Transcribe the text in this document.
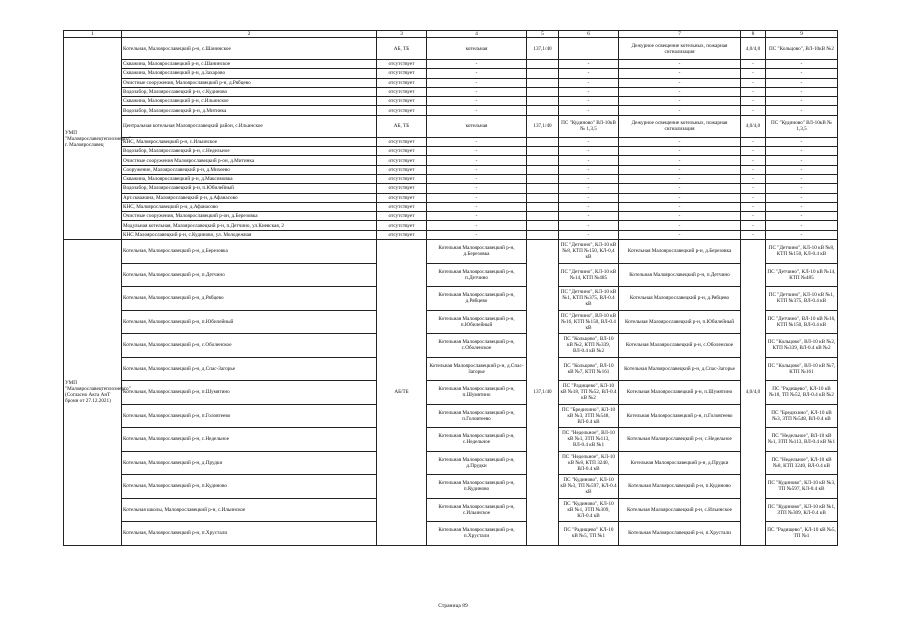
1	2	3	4	5	6	7	8	9
УМП "Малоярославецтеплоэнерго" г. Малоярославец	Котельная, Малоярославецкий р-н, с.Шанинское	АБ, ТБ	котельная	137,1/40		Дежурное освещение котельных, пожарная сигнализация	4,0/4,0	ПС "Кольцово", ВЛ-10кВ №2
	Скважина, Малоярославецкий р-н, с.Шанинское	отсутствует	-		-	-	-	-
	Скважина, Малоярославецкий р-н, д.Захарово	отсутствует	-		-	-	-	-
	Очистные сооружения, Малоярославецкий р-н, д.Рябцево	отсутствует	-		-	-	-	-
	Водозабор, Малоярославецкий р-н, с.Кудиново	отсутствует	-		-	-	-	-
	Скважина, Малоярославецкий р-н, с.Ильинское	отсутствует	-		-	-	-	-
	Водозабор, Малоярославецкий р-н, д.Митинка	отсутствует	-		-	-	-	-
	Центральная котельная Малоярославецкий район, с.Ильинское	АБ, ТБ	котельная	137,1/40	ПС "Кудиново" ВЛ-10кВ № 1,3,5	Дежурное освещение котельных, пожарная сигнализация	4,0/4,0	ПС "Кудиново" ВЛ-10кВ № 1,3,5
	КНС, Малоярославецкий р-н, с.Ильинское	отсутствует	-		-	-	-	-
	Водозабор, Малоярославецкий р-н, с.Недельное	отсутствует	-		-	-	-	-
	Очистные сооружения Малоярославецкий р-он, д.Митинка	отсутствует	-		-	-	-	-
	Сооружение, Малоярославецкий р-н, д.Михеево	отсутствует	-		-	-	-	-
	Скважина, Малоярославецкий р-н, д.Максимовка	отсутствует	-		-	-	-	-
	Водозабор, Малоярославецкий р-н, п.Юбилейный	отсутствует	-		-	-	-	-
	Арт.скважина, Малоярославецкий р-н, д.Афанасово	отсутствует	-		-	-	-	-
	КНС, Малоярославецкий р-н, д.Афанасово	отсутствует	-		-	-	-	-
	Очистные сооружения, Малоярославецкий р-он, д.Березовка	отсутствует	-		-	-	-	-
	Модульная котельная, Малоярославецкий р-н, п.Детчино, ул.Киевская, 2	отсутствует	-		-	-	-	-
	КНС Малоярославецкий р-н, с.Кудиново, ул. Молодежная	отсутствует	-		-	-	-	-
УМП "Малоярославецтеплоэнерго" (Согласно Акта АнТ брони от 27.12.2021)	Котельная, Малоярославецкий р-н, д.Березовка	АБ/ТБ	Котельная Малоярославецкий р-н, д.Березовка	137,1/40	ПС "Детчино", КЛ-10 кВ №8, КТП №150, КЛ-0,4 кВ	Котельная Малоярославецкий р-н, д.Березовка	4,0/4,0	ПС "Детчино", КЛ-10 кВ №8, КТП №150, КЛ-0.4 кВ
	Котельная, Малоярославецкий р-н, п.Детчино		Котельная Малоярославецкий р-н, п.Детчино		ПС "Детчино", КЛ-10 кВ №14, КТП №485	Котельная Малоярославецкий р-н, п.Детчино		ПС "Детчино", КЛ-10 кВ №14, КТП №485
	Котельная, Малоярославецкий р-н, д.Рябцево		Котельная Малоярославецкий р-н, д.Рябцево		ПС "Детчино", КЛ-10 кВ №1, КТП №375, ВЛ-0.4 кВ	Котельная Малоярославецкий р-н, д.Рябцево		ПС "Детчино", КЛ-10 кВ №1, КТП №375, ВЛ-0.4 кВ
	Котельная, Малоярославецкий р-н, п.Юбилейный		Котельная Малоярославецкий р-н, п.Юбилейный		ПС "Детчино", ВЛ-10 кВ №16, КТП №150, ВЛ-0.4 кВ	Котельная Малоярославецкий р-н, п.Юбилейный		ПС "Детчино", ВЛ-10 кВ №16, КТП №150, ВЛ-0.4 кВ
	Котельная, Малоярославецкий р-н, с.Оболенское		Котельная Малоярославецкий р-н, с.Оболенское		ПС "Кольцово", ВЛ-10 кВ №2, КТП №339, ВЛ-0.4 кВ №2	Котельная Малоярославецкий р-н, с.Оболенское		ПС "Кольцово", ВЛ-10 кВ №2, КТП №339, ВЛ-0.4 кВ №2
	Котельная, Малоярославецкий р-н, д.Спас-Загорье		Котельная Малоярославецкий р-н, д.Спас-Загорье		ПС "Кольцово", ВЛ-10 кВ №7, КТП №161	Котельная Малоярославецкий р-н, д.Спас-Загорье		ПС "Кольцово", ВЛ-10 кВ №7, КТП №161
	Котельная, Малоярославецкий р-н, п.Шумятино		Котельная Малоярославецкий р-н, п.Шумятино		ПС "Радищево", КЛ-10 кВ №18, ТП №52, ВЛ-0.4 кВ №2	Котельная Малоярославецкий р-н, п.Шумятино		ПС "Радищево", КЛ-10 кВ №18, ТП №52, ВЛ-0.4 кВ №2
	Котельная, Малоярославецкий р-н, п.Головтеево		Котельная Малоярославецкий р-н, п.Головтеево		ПС "Бредихино", КЛ-10 кВ №3, ЗТП №548, ВЛ-0.4 кВ	Котельная Малоярославецкий р-н, п.Головтеево		ПС "Бредихино", КЛ-10 кВ №3, ЗТП №548, ВЛ-0.4 кВ
	Котельная, Малоярославецкий р-н, с.Недельное		Котельная Малоярославецкий р-н, с.Недельное		ПС "Недельное", ВЛ-10 кВ №1, ЗТП №113, ВЛ-0.4 кВ №1	Котельная Малоярославецкий р-н, с.Недельное		ПС "Недельное", ВЛ-10 кВ №1, ЗТП №113, ВЛ-0.4 кВ №1
	Котельная, Малоярославецкий р-н, д.Прудки		Котельная Малоярославецкий р-н, д.Прудки		ПС "Недельное", КЛ-10 кВ №8, КТП 3240, ВЛ-0.4 кВ	Котельная Малоярославецкий р-н, д.Прудки		ПС "Недельное", КЛ-10 кВ №8, КТП 3240, ВЛ-0.4 кВ
	Котельная, Малоярославецкий р-н, п.Кудиново		Котельная Малоярославецкий р-н, п.Кудиново		ПС "Кудиново", КЛ-10 кВ №3, ТП №597, КЛ-0.4 кВ	Котельная Малоярославецкий р-н, п.Кудиново		ПС "Кудиново", КЛ-10 кВ №3, ТП №597, КЛ-0.4 кВ
	Котельная школы, Малоярославецкий р-н, с.Ильинское		Котельная Малоярославецкий р-н, с.Ильинское		ПС "Кудиново", КЛ-10 кВ №1, ЗТП №309, КЛ-0.4 кВ	Котельная Малоярославецкий р-н, с.Ильинское		ПС "Кудиново", КЛ-10 кВ №1, ЗТП №309, КЛ-0.4 кВ
	Котельная, Малоярославецкий р-н, п.Хрустали		Котельная Малоярославецкий р-н, п.Хрустали		ПС "Радищево" КЛ-10 кВ №5, ТП №1	Котельная Малоярославецкий р-н, п.Хрустали		ПС "Радищево", КЛ-10 кВ №5, ТП №1
Страница 89
